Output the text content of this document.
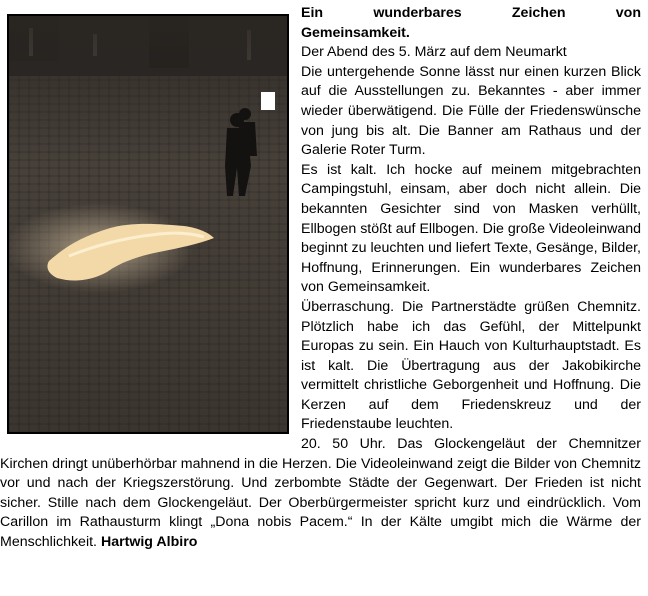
Ein wunderbares Zeichen von

Gemeinsamkeit.

Der Abend des 5. März auf dem Neumarkt

Die untergehende Sonne lässt nur einen kurzen Blick auf die Ausstellungen zu. Bekanntes - aber immer wieder überwätigend. Die Fülle der Friedenswünsche von jung bis alt. Die Banner am Rathaus und der Galerie Roter Turm.

Es ist kalt. Ich hocke auf meinem mitgebrachten Campingstuhl, einsam, aber doch nicht allein. Die bekannten Gesichter sind von Masken verhüllt, Ellbogen stößt auf Ellbogen. Die große Videoleinwand beginnt zu leuchten und liefert Texte, Gesänge, Bilder, Hoffnung, Erinnerungen. Ein wunderbares Zeichen von Gemeinsamkeit.

Überraschung. Die Partnerstädte grüßen Chemnitz. Plötzlich habe ich das Gefühl, der Mittelpunkt Europas zu sein. Ein Hauch von Kulturhauptstadt. Es ist kalt. Die Übertragung aus der Jakobikirche vermittelt christliche Geborgenheit und Hoffnung. Die Kerzen auf dem Friedenskreuz und der Friedenstaube leuchten.

20. 50 Uhr. Das Glockengeläut der Chemnitzer Kirchen dringt unüberhörbar mahnend in die Herzen. Die Videoleinwand zeigt die Bilder von Chemnitz vor und nach der Kriegszerstörung. Und zerbombte Städte der Gegenwart. Der Frieden ist nicht sicher. Stille nach dem Glockengeläut. Der Oberbürgermeister spricht kurz und eindrücklich. Vom Carillon im Rathausturm klingt „Dona nobis Pacem.“ In der Kälte umgibt mich die Wärme der Menschlichkeit. Hartwig Albiro
